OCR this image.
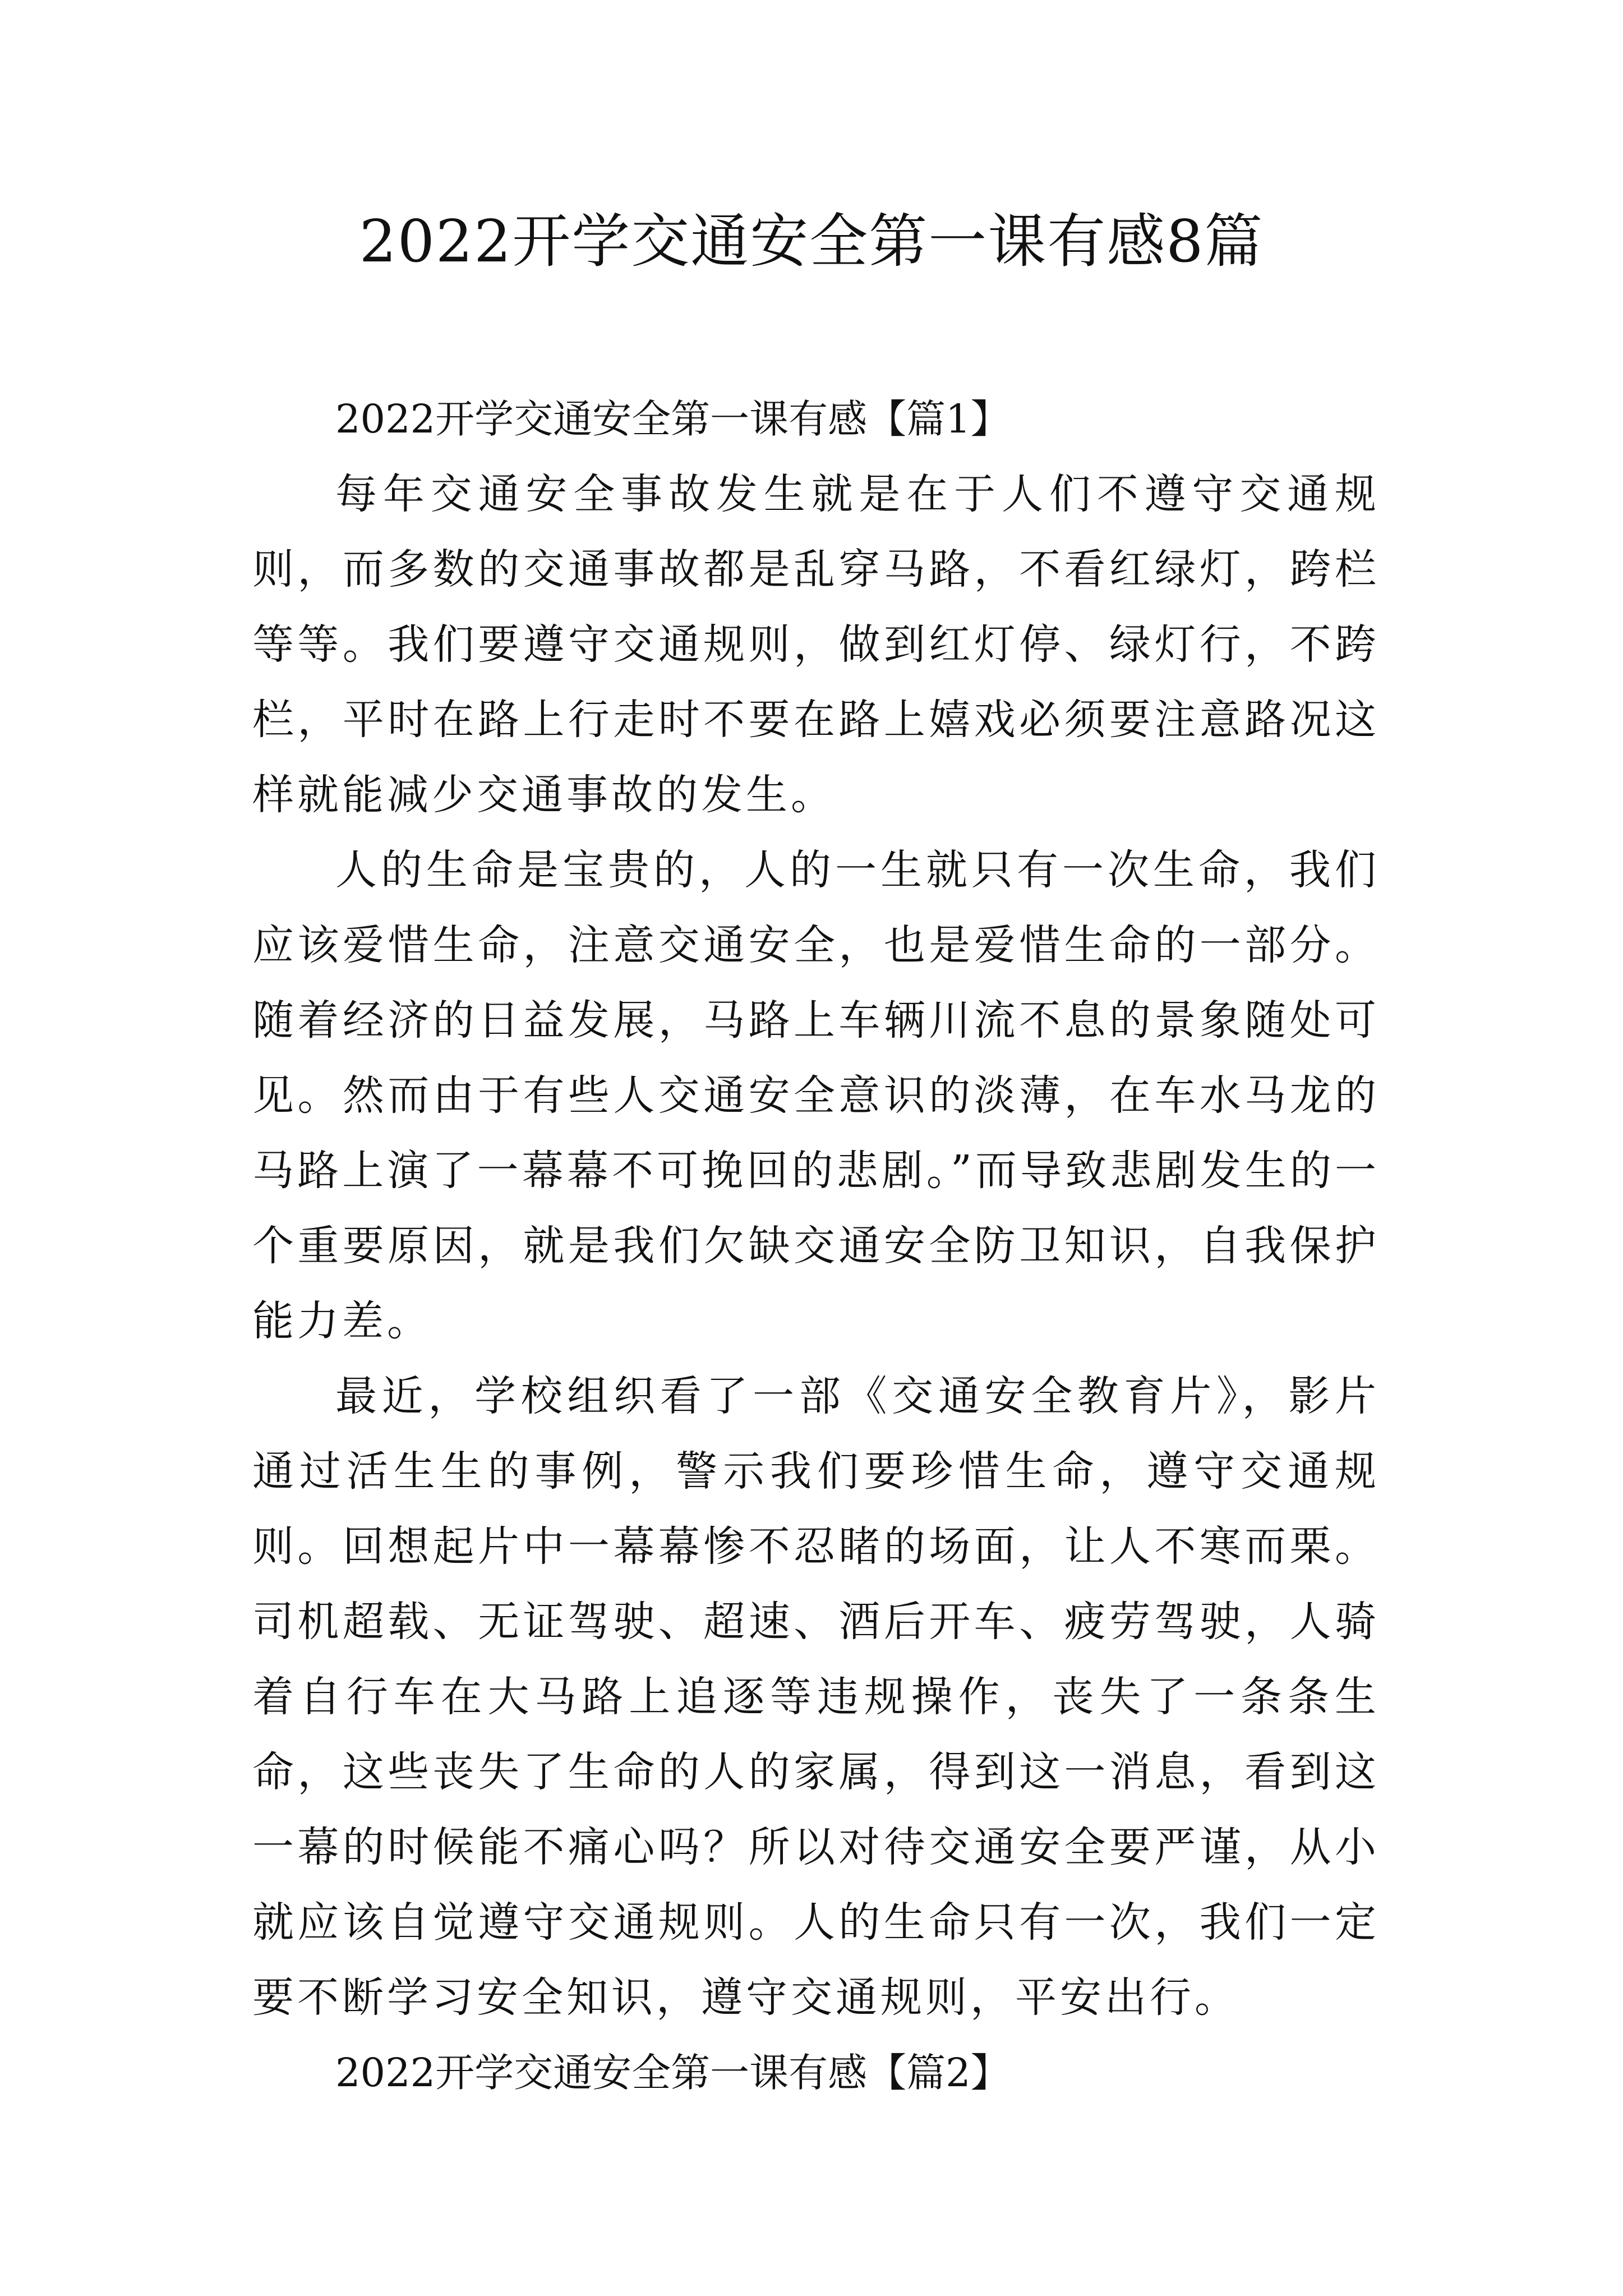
2022开学交通安全第一课有感8篇

2022开学交通安全第一课有感【篇1】

每年交通安全事故发生就是在于人们不遵守交通规则，而多数的交通事故都是乱穿马路，不看红绿灯，跨栏等等。我们要遵守交通规则，做到红灯停、绿灯行，不跨栏，平时在路上行走时不要在路上嬉戏必须要注意路况这样就能减少交通事故的发生。

人的生命是宝贵的，人的一生就只有一次生命，我们应该爱惜生命，注意交通安全，也是爱惜生命的一部分。随着经济的日益发展，马路上车辆川流不息的景象随处可见。然而由于有些人交通安全意识的淡薄，在车水马龙的马路上演了一幕幕不可挽回的悲剧。”而导致悲剧发生的一个重要原因，就是我们欠缺交通安全防卫知识，自我保护能力差。

最近，学校组织看了一部《交通安全教育片》，影片通过活生生的事例，警示我们要珍惜生命，遵守交通规则。回想起片中一幕幕惨不忍睹的场面，让人不寒而栗。司机超载、无证驾驶、超速、酒后开车、疲劳驾驶，人骑着自行车在大马路上追逐等违规操作，丧失了一条条生命，这些丧失了生命的人的家属，得到这一消息，看到这一幕的时候能不痛心吗？所以对待交通安全要严谨，从小就应该自觉遵守交通规则。人的生命只有一次，我们一定要不断学习安全知识，遵守交通规则，平安出行。

2022开学交通安全第一课有感【篇2】
